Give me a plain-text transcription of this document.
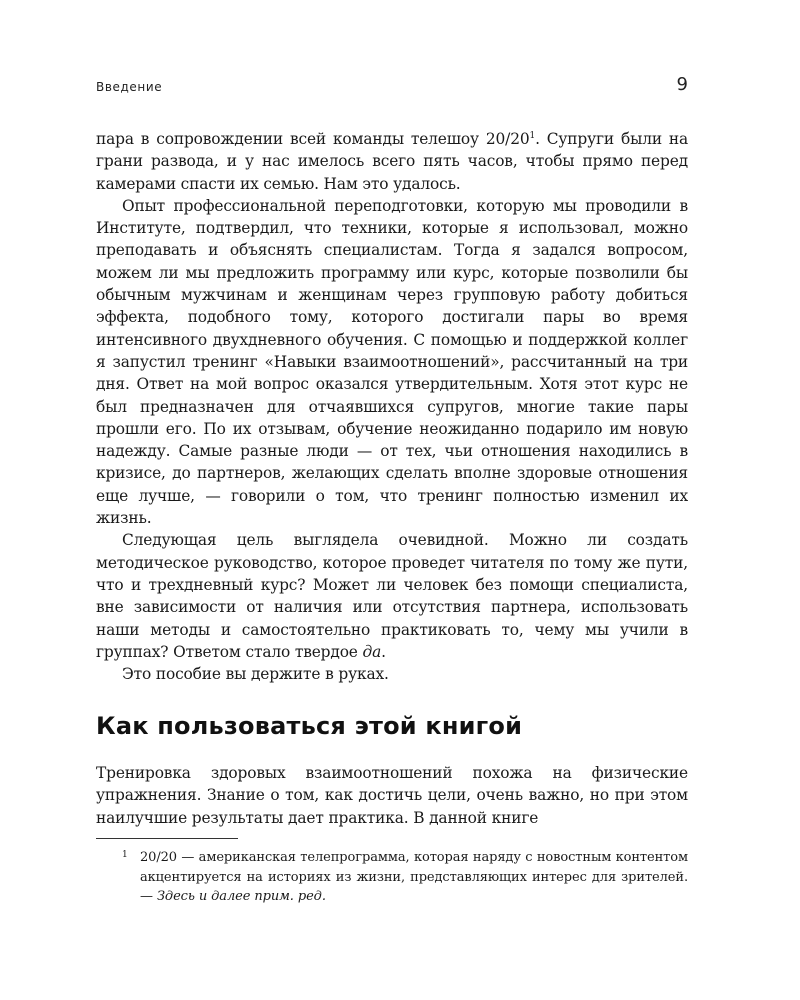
Введение	9

пара в сопровождении всей команды телешоу $20/20^1$. Супруги были на грани развода, и у нас имелось всего пять часов, чтобы прямо перед камерами спасти их семью. Нам это удалось.

Опыт профессиональной переподготовки, которую мы проводили в Институте, подтвердил, что техники, которые я использовал, можно преподавать и объяснять специалистам. Тогда я задался вопросом, можем ли мы предложить программу или курс, которые позволили бы обычным мужчинам и женщинам через групповую работу добиться эффекта, подобного тому, которого достигали пары во время интенсивного двухдневного обучения. С помощью и поддержкой коллег я запустил тренинг «Навыки взаимоотношений», рассчитанный на три дня. Ответ на мой вопрос оказался утвердительным. Хотя этот курс не был предназначен для отчаявшихся супругов, многие такие пары прошли его. По их отзывам, обучение неожиданно подарило им новую надежду. Самые разные люди — от тех, чьи отношения находились в кризисе, до партнеров, желающих сделать вполне здоровые отношения еще лучше, — говорили о том, что тренинг полностью изменил их жизнь.

Следующая цель выглядела очевидной. Можно ли создать методическое руководство, которое проведет читателя по тому же пути, что и трехдневный курс? Может ли человек без помощи специалиста, вне зависимости от наличия или отсутствия партнера, использовать наши методы и самостоятельно практиковать то, чему мы учили в группах? Ответом стало твердое да.

Это пособие вы держите в руках.

Как пользоваться этой книгой

Тренировка здоровых взаимоотношений похожа на физические упражнения. Знание о том, как достичь цели, очень важно, но при этом наилучшие результаты дает практика. В данной книге

1 20/20 — американская телепрограмма, которая наряду с новостным контентом акцентируется на историях из жизни, представляющих интерес для зрителей. — Здесь и далее прим. ред.
